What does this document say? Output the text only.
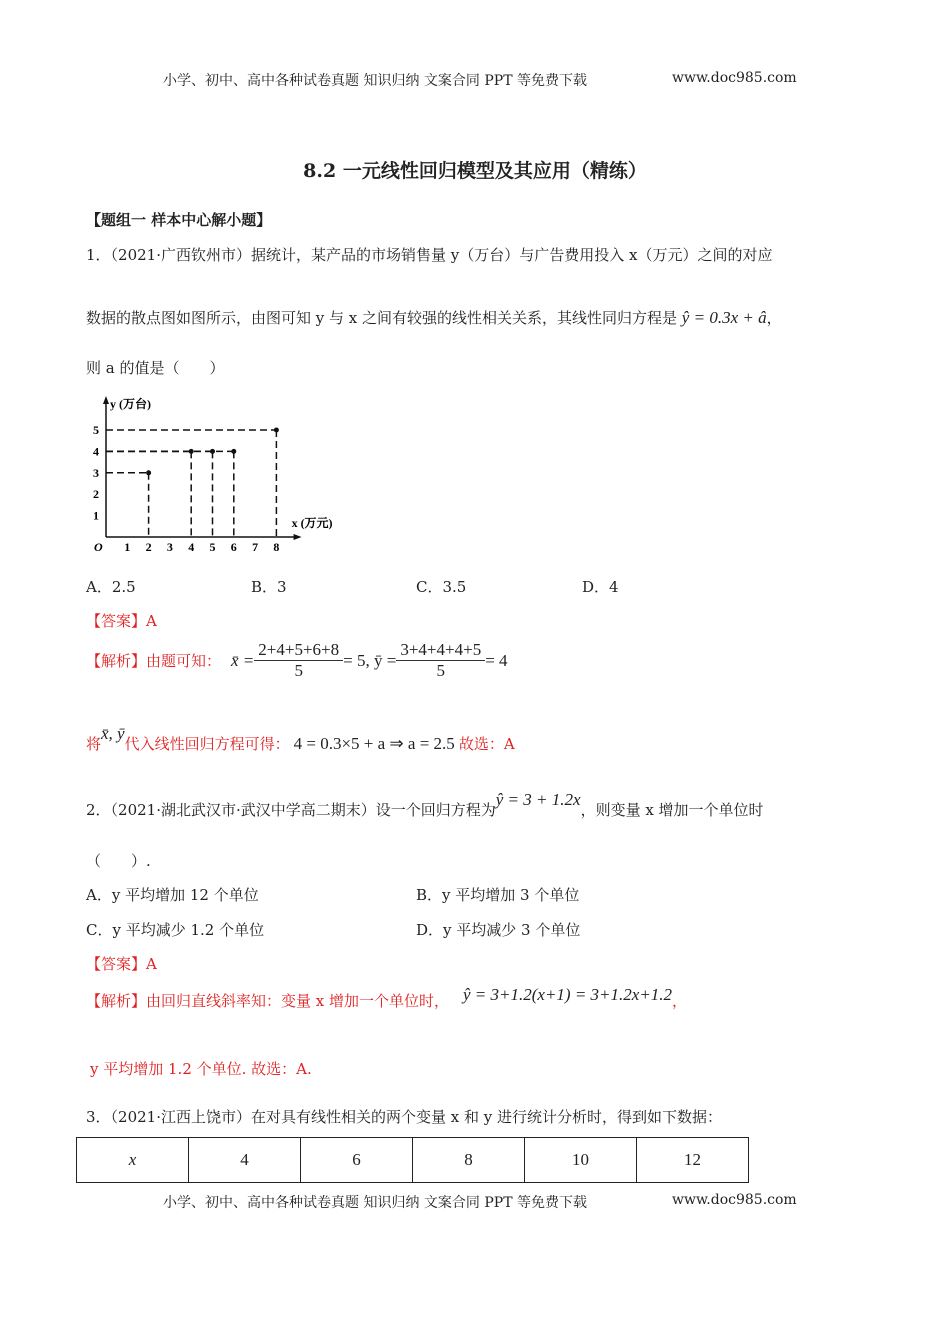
小学、初中、高中各种试卷真题 知识归纳 文案合同 PPT 等免费下载	www.doc985.com
8.2 一元线性回归模型及其应用（精练）
【题组一 样本中心解小题】
1．（2021·广西钦州市）据统计，某产品的市场销售量 y（万台）与广告费用投入 x（万元）之间的对应
数据的散点图如图所示，由图可知 y 与 x 之间有较强的线性相关关系，其线性同归方程是 ŷ = 0.3x + â，
则 a 的值是（　　）
1 2 3 4 5 6 7 8
1
2
3
4
5
O
x (万元)
y (万台)
A．2.5	B．3	C．3.5	D．4
【答案】A
【解析】由题可知： x̄ = $\frac{2+4+5+6+8}{5} = 5$, ȳ = $\frac{3+4+4+4+5}{5} = 4$
将x̄, ȳ代入线性回归方程可得： 4 = 0.3×5 + a ⇒ a = 2.5 故选：A
2．（2021·湖北武汉市·武汉中学高二期末）设一个回归方程为ŷ = 3 + 1.2x，则变量 x 增加一个单位时
（　　）.
A．y 平均增加 12 个单位	B．y 平均增加 3 个单位
C．y 平均减少 1.2 个单位	D．y 平均减少 3 个单位
【答案】A
【解析】由回归直线斜率知：变量 x 增加一个单位时， ŷ = 3+1.2(x+1) = 3+1.2x+1.2，
y 平均增加 1.2 个单位. 故选：A.
3．（2021·江西上饶市）在对具有线性相关的两个变量 x 和 y 进行统计分析时，得到如下数据：
x	4	6	8	10	12
小学、初中、高中各种试卷真题 知识归纳 文案合同 PPT 等免费下载	www.doc985.com
